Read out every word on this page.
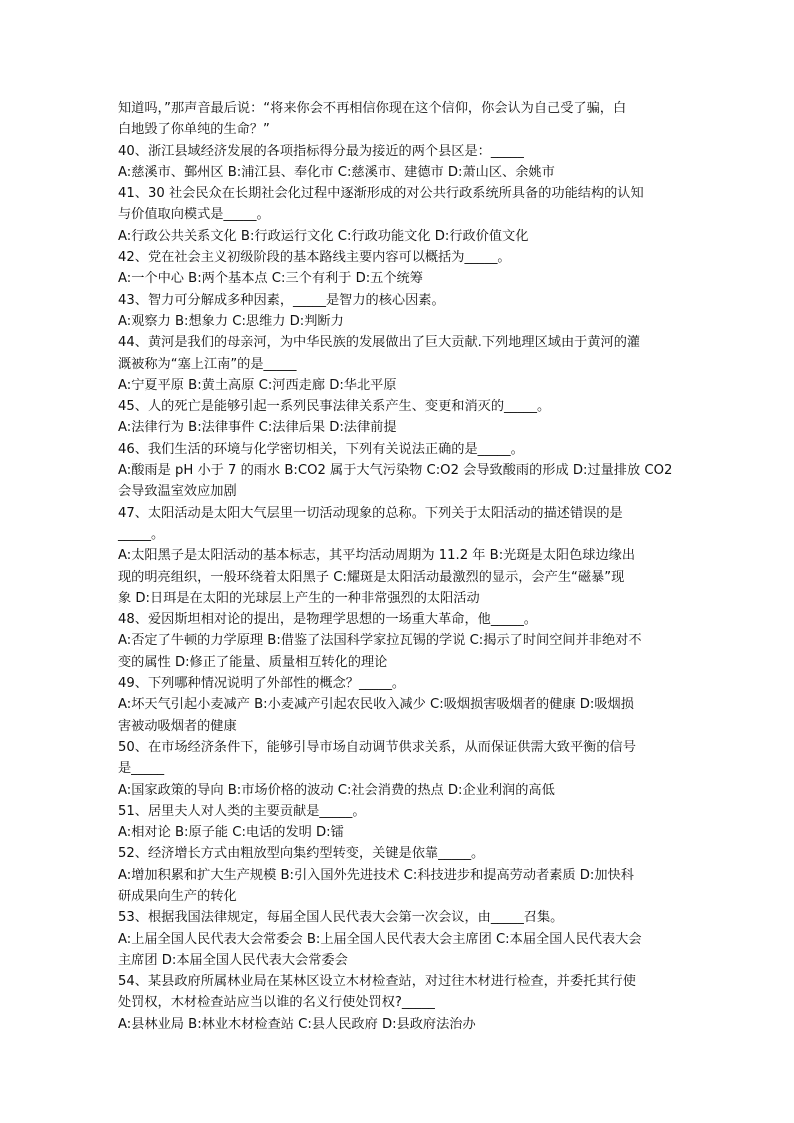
知道吗，”那声音最后说：“将来你会不再相信你现在这个信仰，你会认为自己受了骗，白

白地毁了你单纯的生命？”

40、浙江县域经济发展的各项指标得分最为接近的两个县区是：_____

A:慈溪市、鄞州区 B:浦江县、奉化市 C:慈溪市、建德市 D:萧山区、余姚市

41、30 社会民众在长期社会化过程中逐渐形成的对公共行政系统所具备的功能结构的认知

与价值取向模式是_____。

A:行政公共关系文化 B:行政运行文化 C:行政功能文化 D:行政价值文化

42、党在社会主义初级阶段的基本路线主要内容可以概括为_____。

A:一个中心 B:两个基本点 C:三个有利于 D:五个统筹

43、智力可分解成多种因素，_____是智力的核心因素。

A:观察力 B:想象力 C:思维力 D:判断力

44、黄河是我们的母亲河，为中华民族的发展做出了巨大贡献.下列地理区域由于黄河的灌

溉被称为“塞上江南”的是_____

A:宁夏平原 B:黄土高原 C:河西走廊 D:华北平原

45、人的死亡是能够引起一系列民事法律关系产生、变更和消灭的_____。

A:法律行为 B:法律事件 C:法律后果 D:法律前提

46、我们生活的环境与化学密切相关，下列有关说法正确的是_____。

A:酸雨是 pH 小于 7 的雨水 B:CO2 属于大气污染物 C:O2 会导致酸雨的形成 D:过量排放 CO2

会导致温室效应加剧

47、太阳活动是太阳大气层里一切活动现象的总称。下列关于太阳活动的描述错误的是

_____。

A:太阳黑子是太阳活动的基本标志，其平均活动周期为 11.2 年 B:光斑是太阳色球边缘出

现的明亮组织，一般环绕着太阳黑子 C:耀斑是太阳活动最激烈的显示，会产生“磁暴”现

象 D:日珥是在太阳的光球层上产生的一种非常强烈的太阳活动

48、爱因斯坦相对论的提出，是物理学思想的一场重大革命，他_____。

A:否定了牛顿的力学原理 B:借鉴了法国科学家拉瓦锡的学说 C:揭示了时间空间并非绝对不

变的属性 D:修正了能量、质量相互转化的理论

49、下列哪种情况说明了外部性的概念？_____。

A:坏天气引起小麦减产 B:小麦减产引起农民收入减少 C:吸烟损害吸烟者的健康 D:吸烟损

害被动吸烟者的健康

50、在市场经济条件下，能够引导市场自动调节供求关系，从而保证供需大致平衡的信号

是_____

A:国家政策的导向 B:市场价格的波动 C:社会消费的热点 D:企业利润的高低

51、居里夫人对人类的主要贡献是_____。

A:相对论 B:原子能 C:电话的发明 D:镭

52、经济增长方式由粗放型向集约型转变，关键是依靠_____。

A:增加积累和扩大生产规模 B:引入国外先进技术 C:科技进步和提高劳动者素质 D:加快科

研成果向生产的转化

53、根据我国法律规定，每届全国人民代表大会第一次会议，由_____召集。

A:上届全国人民代表大会常委会 B:上届全国人民代表大会主席团 C:本届全国人民代表大会

主席团 D:本届全国人民代表大会常委会

54、某县政府所属林业局在某林区设立木材检查站，对过往木材进行检查，并委托其行使

处罚权，木材检查站应当以谁的名义行使处罚权?_____

A:县林业局 B:林业木材检查站 C:县人民政府 D:县政府法治办
